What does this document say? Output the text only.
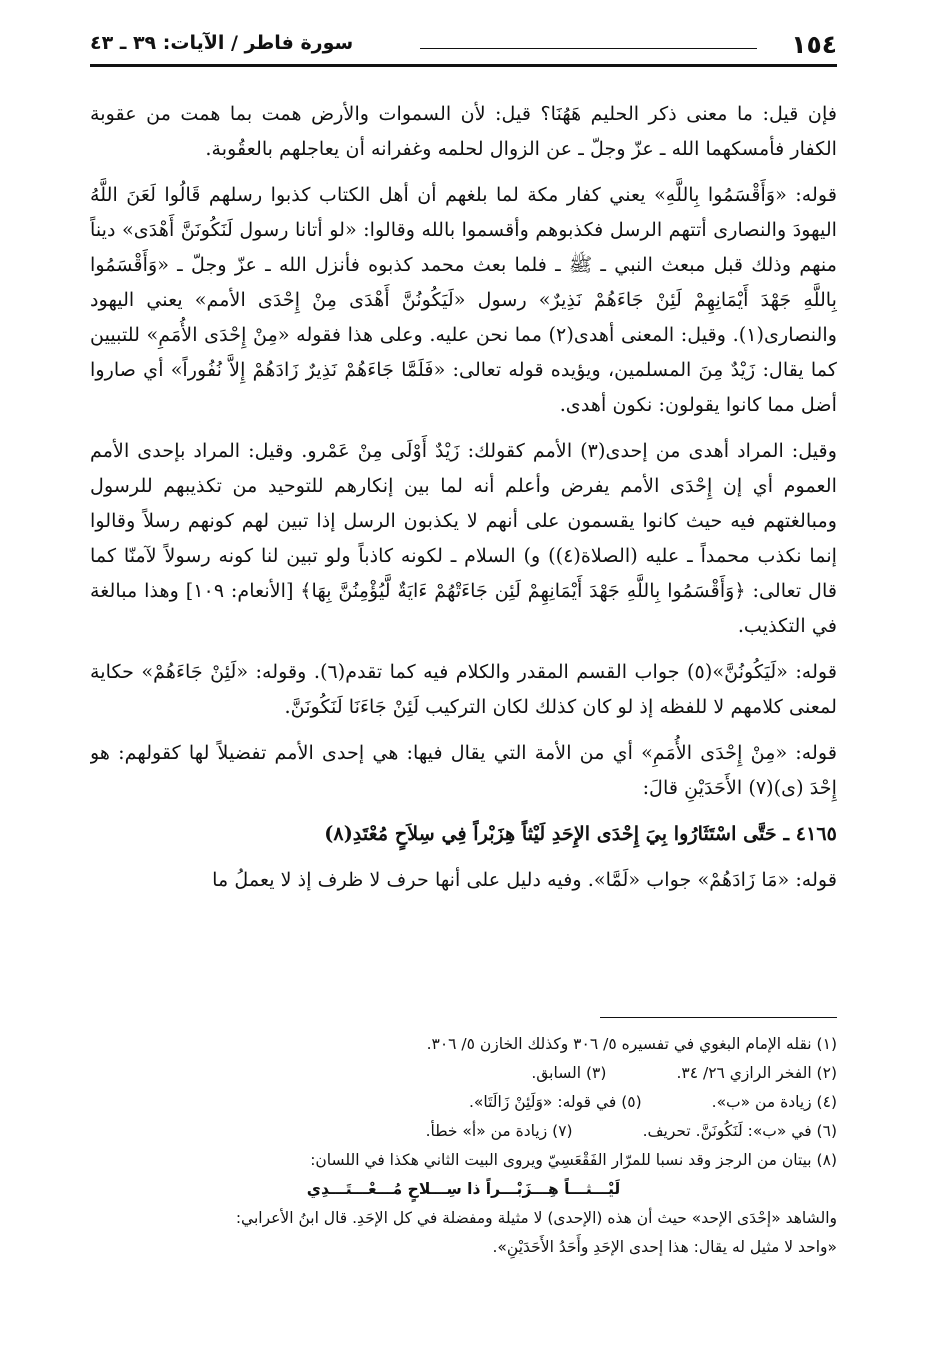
١٥٤
سورة فاطر / الآيات: ٣٩ ـ ٤٣

فإن قيل: ما معنى ذكر الحليم هَهُنَا؟ قيل: لأن السموات والأرض همت بما همت من عقوبة الكفار فأمسكهما الله ـ عزّ وجلّ ـ عن الزوال لحلمه وغفرانه أن يعاجلهم بالعقُوبة.

قوله: «وَأَقْسَمُوا بِاللَّهِ» يعني كفار مكة لما بلغهم أن أهل الكتاب كذبوا رسلهم قَالُوا لَعَنَ اللَّهُ اليهودَ والنصارى أتتهم الرسل فكذبوهم وأقسموا بالله وقالوا: «لو أتانا رسول لَنَكُونَنَّ أَهْدَى» ديناً منهم وذلك قبل مبعث النبي ـ ﷺ ـ فلما بعث محمد كذبوه فأنزل الله ـ عزّ وجلّ ـ «وَأَقْسَمُوا بِاللَّهِ جَهْدَ أَيْمَانِهِمْ لَئِنْ جَاءَهُمْ نَذِيرٌ» رسول «لَيَكُونُنَّ أَهْدَى مِنْ إِحْدَى الأمم» يعني اليهود والنصارى(١). وقيل: المعنى أهدى(٢) مما نحن عليه. وعلى هذا فقوله «مِنْ إِحْدَى الأُمَمِ» للتبيين كما يقال: زَيْدٌ مِنَ المسلمين، ويؤيده قوله تعالى: «فَلَمَّا جَاءَهُمْ نَذِيرٌ زَادَهُمْ إِلاَّ نُفُوراً» أي صاروا أضل مما كانوا يقولون: نكون أهدى.

وقيل: المراد أهدى من إحدى(٣) الأمم كقولك: زَيْدٌ أَوْلَى مِنْ عَمْرو. وقيل: المراد بإحدى الأمم العموم أي إن إِحْدَى الأمم يفرض وأعلم أنه لما بين إنكارهم للتوحيد من تكذيبهم للرسول ومبالغتهم فيه حيث كانوا يقسمون على أنهم لا يكذبون الرسل إذا تبين لهم كونهم رسلاً وقالوا إنما نكذب محمداً ـ عليه (الصلاة(٤)) و) السلام ـ لكونه كاذباً ولو تبين لنا كونه رسولاً لآمنّا كما قال تعالى: ﴿وَأَقْسَمُوا بِاللَّهِ جَهْدَ أَيْمَانِهِمْ لَئِن جَاءَتْهُمْ ءَايَةٌ لَّيُؤْمِنُنَّ بِهَا﴾ [الأنعام: ١٠٩] وهذا مبالغة في التكذيب.

قوله: «لَيَكُونُنَّ»(٥) جواب القسم المقدر والكلام فيه كما تقدم(٦). وقوله: «لَئِنْ جَاءَهُمْ» حكاية لمعنى كلامهم لا للفظه إذ لو كان كذلك لكان التركيب لَئِنْ جَاءَنَا لَنَكُونَنَّ.

قوله: «مِنْ إِحْدَى الأُمَمِ» أي من الأمة التي يقال فيها: هي إحدى الأمم تفضيلاً لها كقولهم: هو إِحْدَ (ى)(٧) الأَحَدَيْنِ قالَ:

٤١٦٥ ـ حَتَّى اسْتَثَارُوا بِيَ إِحْدَى الإِحَدِ لَيْثاً هِزَبْراً فِي سِلاَحٍ مُعْتَدِ(٨)

قوله: «مَا زَادَهُمْ» جواب «لَمَّا». وفيه دليل على أنها حرف لا ظرف إذ لا يعملُ ما

(١) نقله الإمام البغوي في تفسيره ٥/ ٣٠٦ وكذلك الخازن ٥/ ٣٠٦.

(٢) الفخر الرازي ٢٦/ ٣٤.
(٣) السابق.
(٤) زيادة من «ب».
(٥) في قوله: «وَلَئِنْ زَالَتَا».
(٦) في «ب»: لَنَكُونَنَّ. تحريف.
(٧) زيادة من «أ» خطأ.

(٨) بيتان من الرجز وقد نسبا للمرّار الفَقْعَسِيّ ويروى البيت الثاني هكذا في اللسان:

لَيْـــثـــاً هِـــزَبْـــراً ذا سِـــلاحٍ مُـــعْـــتَـــدِي

والشاهد «إحْدَى الإحد» حيث أن هذه (الإحدى) لا مثيلة ومفضلة في كل الإحَدِ. قال ابنُ الأعرابي:

«واحد لا مثيل له يقال: هذا إحدى الإحَدِ وأَحَدُ الأَحَدَيْنِ».
